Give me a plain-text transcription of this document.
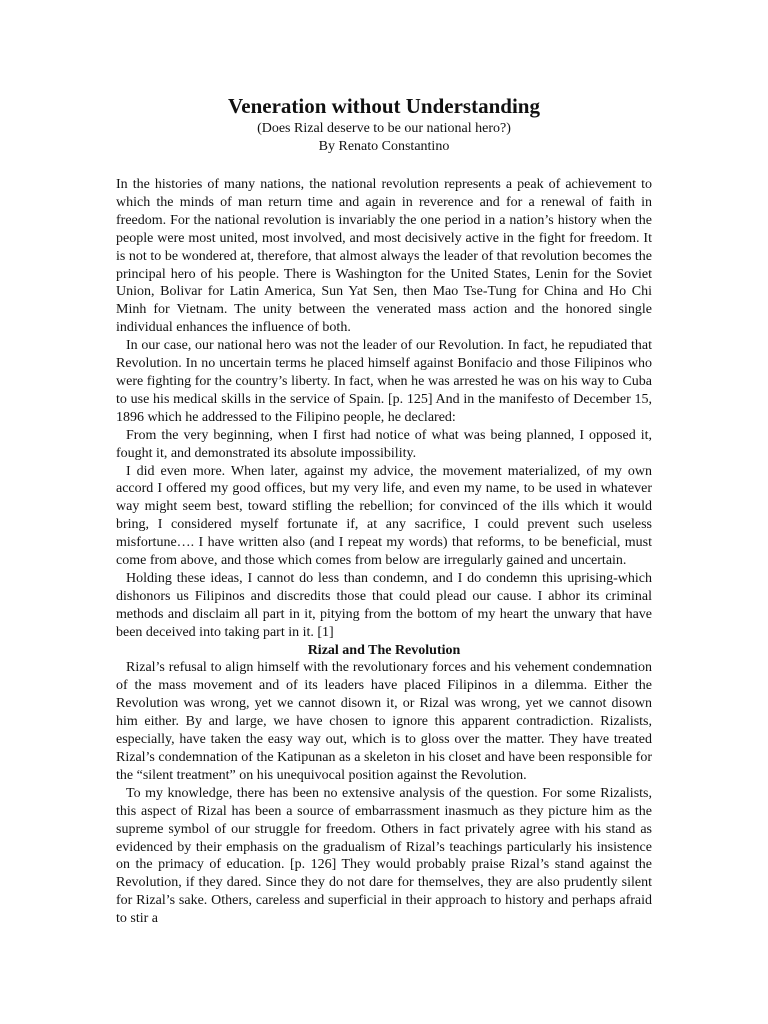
Veneration without Understanding

(Does Rizal deserve to be our national hero?)

By Renato Constantino

In the histories of many nations, the national revolution represents a peak of achievement to which the minds of man return time and again in reverence and for a renewal of faith in freedom. For the national revolution is invariably the one period in a nation’s history when the people were most united, most involved, and most decisively active in the fight for freedom. It is not to be wondered at, therefore, that almost always the leader of that revolution becomes the principal hero of his people. There is Washington for the United States, Lenin for the Soviet Union, Bolivar for Latin America, Sun Yat Sen, then Mao Tse-Tung for China and Ho Chi Minh for Vietnam. The unity between the venerated mass action and the honored single individual enhances the influence of both.

In our case, our national hero was not the leader of our Revolution. In fact, he repudiated that Revolution. In no uncertain terms he placed himself against Bonifacio and those Filipinos who were fighting for the country’s liberty. In fact, when he was arrested he was on his way to Cuba to use his medical skills in the service of Spain. [p. 125] And in the manifesto of December 15, 1896 which he addressed to the Filipino people, he declared:

From the very beginning, when I first had notice of what was being planned, I opposed it, fought it, and demonstrated its absolute impossibility.

I did even more. When later, against my advice, the movement materialized, of my own accord I offered my good offices, but my very life, and even my name, to be used in whatever way might seem best, toward stifling the rebellion; for convinced of the ills which it would bring, I considered myself fortunate if, at any sacrifice, I could prevent such useless misfortune…. I have written also (and I repeat my words) that reforms, to be beneficial, must come from above, and those which comes from below are irregularly gained and uncertain.

Holding these ideas, I cannot do less than condemn, and I do condemn this uprising-which dishonors us Filipinos and discredits those that could plead our cause. I abhor its criminal methods and disclaim all part in it, pitying from the bottom of my heart the unwary that have been deceived into taking part in it. [1]

Rizal and The Revolution

Rizal’s refusal to align himself with the revolutionary forces and his vehement condemnation of the mass movement and of its leaders have placed Filipinos in a dilemma. Either the Revolution was wrong, yet we cannot disown it, or Rizal was wrong, yet we cannot disown him either. By and large, we have chosen to ignore this apparent contradiction. Rizalists, especially, have taken the easy way out, which is to gloss over the matter. They have treated Rizal’s condemnation of the Katipunan as a skeleton in his closet and have been responsible for the “silent treatment” on his unequivocal position against the Revolution.

To my knowledge, there has been no extensive analysis of the question. For some Rizalists, this aspect of Rizal has been a source of embarrassment inasmuch as they picture him as the supreme symbol of our struggle for freedom. Others in fact privately agree with his stand as evidenced by their emphasis on the gradualism of Rizal’s teachings particularly his insistence on the primacy of education. [p. 126] They would probably praise Rizal’s stand against the Revolution, if they dared. Since they do not dare for themselves, they are also prudently silent for Rizal’s sake. Others, careless and superficial in their approach to history and perhaps afraid to stir a
